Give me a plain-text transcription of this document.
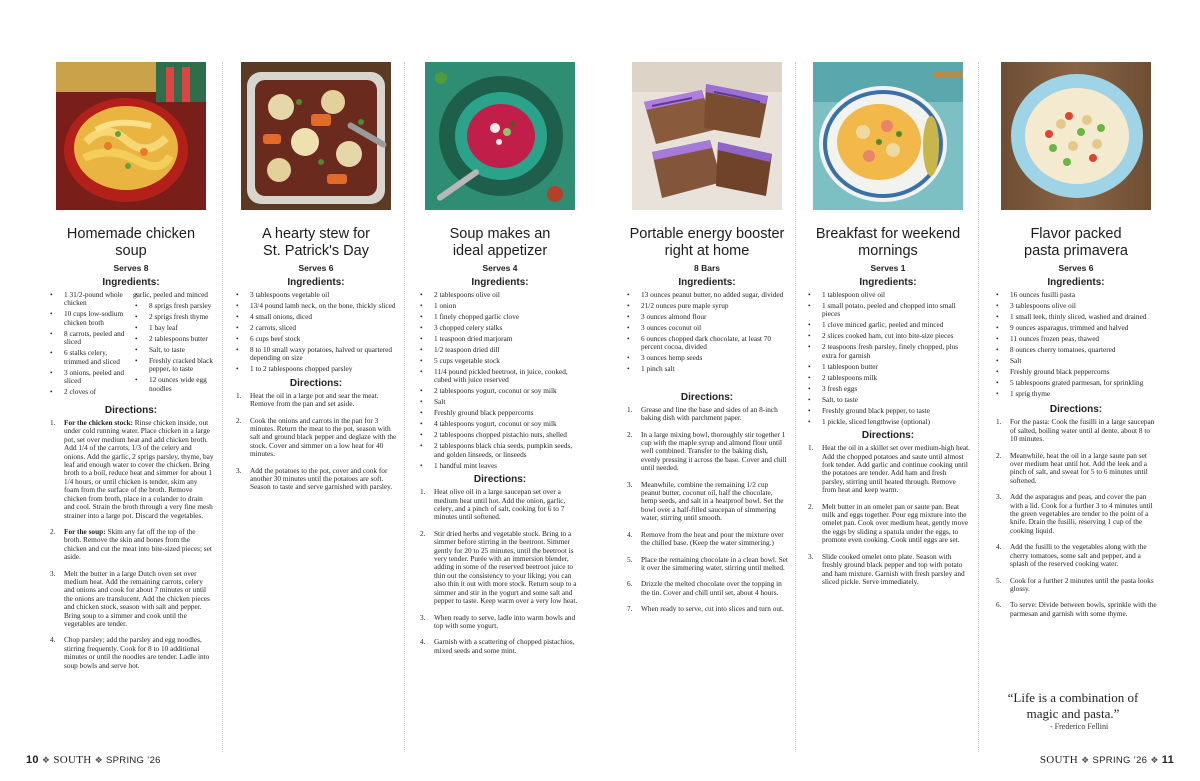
Homemade chicken
soup
Serves 8
Ingredients:
• 1 31/2-pound whole chicken
• 10 cups low-sodium chicken broth
• 8 carrots, peeled and sliced
• 6 stalks celery, trimmed and sliced
• 3 onions, peeled and sliced
• 2 cloves of
• garlic, peeled and minced
• 8 sprigs fresh parsley
• 2 sprigs fresh thyme
• 1 bay leaf
• 2 tablespoons butter
• Salt, to taste
• Freshly cracked black pepper, to taste
• 12 ounces wide egg noodles
Directions:
1. For the chicken stock: Rinse chicken inside, out under cold running water. Place chicken in a large pot, set over medium heat and add chicken broth. Add 1/4 of the carrots, 1/3 of the celery and onions. Add the garlic, 2 sprigs parsley, thyme, bay leaf and enough water to cover the chicken. Bring broth to a boil, reduce heat and simmer for about 1 1/4 hours, or until chicken is tender, skim any foam from the surface of the broth. Remove chicken from broth, place in a colander to drain and cool. Strain the broth through a very fine mesh strainer into a large pot. Discard the vegetables.
2. For the soup: Skim any fat off the top of the broth. Remove the skin and bones from the chicken and cut the meat into bite-sized pieces; set aside.
3. Melt the butter in a large Dutch oven set over medium heat. Add the remaining carrots, celery and onions and cook for about 7 minutes or until the onions are translucent. Add the chicken pieces and chicken stock, season with salt and pepper. Bring soup to a simmer and cook until the vegetables are tender.
4. Chop parsley; add the parsley and egg noodles, stirring frequently. Cook for 8 to 10 additional minutes or until the noodles are tender. Ladle into soup bowls and serve hot.
A hearty stew for
St. Patrick's Day
Serves 6
Ingredients:
• 3 tablespoons vegetable oil
• 13/4 pound lamb neck, on the bone, thickly sliced
• 4 small onions, diced
• 2 carrots, sliced
• 6 cups beef stock
• 8 to 10 small waxy potatoes, halved or quartered depending on size
• 1 to 2 tablespoons chopped parsley
Directions:
1. Heat the oil in a large pot and sear the meat. Remove from the pan and set aside.
2. Cook the onions and carrots in the pan for 3 minutes. Return the meat to the pot, season with salt and ground black pepper and deglaze with the stock. Cover and simmer on a low heat for 40 minutes.
3. Add the potatoes to the pot, cover and cook for another 30 minutes until the potatoes are soft. Season to taste and serve garnished with parsley.
Soup makes an
ideal appetizer
Serves 4
Ingredients:
• 2 tablespoons olive oil
• 1 onion
• 1 finely chopped garlic clove
• 3 chopped celery stalks
• 1 teaspoon dried marjoram
• 1/2 teaspoon dried dill
• 5 cups vegetable stock
• 11/4 pound pickled beetroot, in juice, cooked, cubed with juice reserved
• 2 tablespoons yogurt, coconut or soy milk
• Salt
• Freshly ground black peppercorns
• 4 tablespoons yogurt, coconut or soy milk
• 2 tablespoons chopped pistachio nuts, shelled
• 2 tablespoons black chia seeds, pumpkin seeds, and golden linseeds, or linseeds
• 1 handful mint leaves
Directions:
1. Heat olive oil in a large saucepan set over a medium heat until hot. Add the onion, garlic, celery, and a pinch of salt, cooking for 6 to 7 minutes until softened.
2. Stir dried herbs and vegetable stock. Bring to a simmer before stirring in the beetroot. Simmer gently for 20 to 25 minutes, until the beetroot is very tender. Purée with an immersion blender, adding in some of the reserved beetroot juice to thin out the consistency to your liking; you can also thin it out with more stock. Return soup to a simmer and stir in the yogurt and some salt and pepper to taste. Keep warm over a very low heat.
3. When ready to serve, ladle into warm bowls and top with some yogurt.
4. Garnish with a scattering of chopped pistachios, mixed seeds and some mint.
Portable energy booster
right at home
8 Bars
Ingredients:
• 13 ounces peanut butter, no added sugar, divided
• 21/2 ounces pure maple syrup
• 3 ounces almond flour
• 3 ounces coconut oil
• 6 ounces chopped dark chocolate, at least 70 percent cocoa, divided
• 3 ounces hemp seeds
• 1 pinch salt
Directions:
1. Grease and line the base and sides of an 8-inch baking dish with parchment paper.
2. In a large mixing bowl, thoroughly stir together 1 cup with the maple syrup and almond flour until well combined. Transfer to the baking dish, evenly pressing it across the base. Cover and chill until needed.
3. Meanwhile, combine the remaining 1/2 cup peanut butter, coconut oil, half the chocolate, hemp seeds, and salt in a heatproof bowl. Set the bowl over a half-filled saucepan of simmering water, stirring until smooth.
4. Remove from the heat and pour the mixture over the chilled base. (Keep the water simmering.)
5. Place the remaining chocolate in a clean bowl. Set it over the simmering water, stirring until melted.
6. Drizzle the melted chocolate over the topping in the tin. Cover and chill until set, about 4 hours.
7. When ready to serve, cut into slices and turn out.
Breakfast for weekend
mornings
Serves 1
Ingredients:
• 1 tablespoon olive oil
• 1 small potato, peeled and chopped into small pieces
• 1 clove minced garlic, peeled and minced
• 2 slices cooked ham, cut into bite-size pieces
• 2 teaspoons fresh parsley, finely chopped, plus extra for garnish
• 1 tablespoon butter
• 2 tablespoons milk
• 3 fresh eggs
• Salt, to taste
• Freshly ground black pepper, to taste
• 1 pickle, sliced lengthwise (optional)
Directions:
1. Heat the oil in a skillet set over medium-high heat. Add the chopped potatoes and saute until almost fork tender. Add garlic and continue cooking until the potatoes are tender. Add ham and fresh parsley, stirring until heated through. Remove from heat and keep warm.
2. Melt butter in an omelet pan or saute pan. Beat milk and eggs together. Pour egg mixture into the omelet pan. Cook over medium heat, gently move the eggs by sliding a spatula under the eggs, to promote even cooking. Cook until eggs are set.
3. Slide cooked omelet onto plate. Season with freshly ground black pepper and top with potato and ham mixture. Garnish with fresh parsley and sliced pickle. Serve immediately.
Flavor packed
pasta primavera
Serves 6
Ingredients:
• 16 ounces fusilli pasta
• 3 tablespoons olive oil
• 1 small leek, thinly sliced, washed and drained
• 9 ounces asparagus, trimmed and halved
• 11 ounces frozen peas, thawed
• 8 ounces cherry tomatoes, quartered
• Salt
• Freshly ground black peppercorns
• 5 tablespoons grated parmesan, for sprinkling
• 1 sprig thyme
Directions:
1. For the pasta: Cook the fusilli in a large saucepan of salted, boiling water until al dente, about 8 to 10 minutes.
2. Meanwhile, heat the oil in a large saute pan set over medium heat until hot. Add the leek and a pinch of salt, and sweat for 5 to 6 minutes until softened.
3. Add the asparagus and peas, and cover the pan with a lid. Cook for a further 3 to 4 minutes until the green vegetables are tender to the point of a knife. Drain the fusilli, reserving 1 cup of the cooking liquid.
4. Add the fusilli to the vegetables along with the cherry tomatoes, some salt and pepper, and a splash of the reserved cooking water.
5. Cook for a further 2 minutes until the pasta looks glossy.
6. To serve: Divide between bowls, sprinkle with the parmesan and garnish with some thyme.
“Life is a combination of
magic and pasta.”
- Frederico Fellini
10 ❖ SOUTH ❖ SPRING ’26	SOUTH ❖ SPRING ’26 ❖ 11
